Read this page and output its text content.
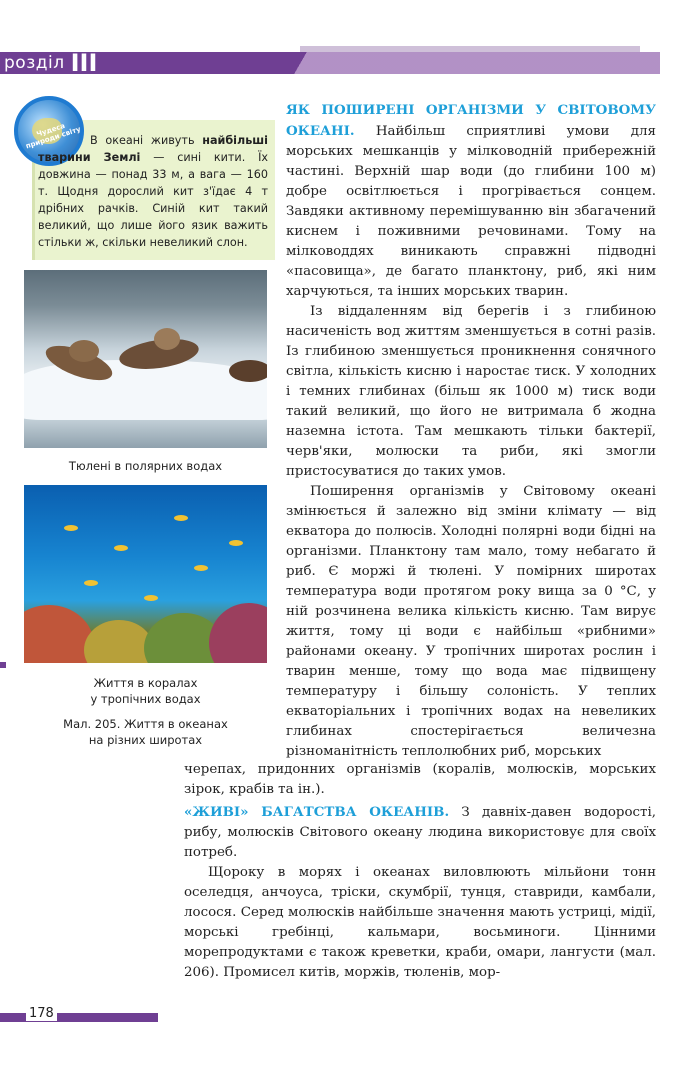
розділ III
Чудеса природи світу В океані живуть найбільші тварини Землі — сині кити. Їх довжина — понад 33 м, а вага — 160 т. Щодня дорослий кит з'їдає 4 т дрібних рачків. Синій кит такий великий, що лише його язик важить стільки ж, скільки невеликий слон.
Тюлені в полярних водах
Життя в коралах
у тропічних водах
Мал. 205. Життя в океанах
на різних широтах

ЯК ПОШИРЕНІ ОРГАНІЗМИ У СВІТОВОМУ ОКЕАНІ. Найбільш сприятливі умови для морських мешканців у мілководній прибережній частині. Верхній шар води (до глибини 100 м) добре освітлюється і прогрівається сонцем. Завдяки активному перемішуванню він збагачений киснем і поживними речовинами. Тому на мілководдях виникають справжні підводні «пасовища», де багато планктону, риб, які ним харчуються, та інших морських тварин.

Із віддаленням від берегів і з глибиною насиченість вод життям зменшується в сотні разів. Із глибиною зменшується проникнення сонячного світла, кількість кисню і наростає тиск. У холодних і темних глибинах (більш як 1000 м) тиск води такий великий, що його не витримала б жодна наземна істота. Там мешкають тільки бактерії, черв'яки, молюски та риби, які змогли пристосуватися до таких умов.

Поширення організмів у Світовому океані змінюється й залежно від зміни клімату — від екватора до полюсів. Холодні полярні води бідні на організми. Планктону там мало, тому небагато й риб. Є моржі й тюлені. У помірних широтах температура води протягом року вища за 0 °С, у ній розчинена велика кількість кисню. Там вирує життя, тому ці води є найбільш «рибними» районами океану. У тропічних широтах рослин і тварин менше, тому що вода має підвищену температуру і більшу солоність. У теплих екваторіальних і тропічних водах на невеликих глибинах спостерігається величезна різноманітність теплолюбних риб, морських

черепах, придонних організмів (коралів, молюсків, морських зірок, крабів та ін.).

«ЖИВІ» БАГАТСТВА ОКЕАНІВ. З давніх-давен водорості, рибу, молюсків Світового океану людина використовує для своїх потреб.

Щороку в морях і океанах виловлюють мільйони тонн оселедця, анчоуса, тріски, скумбрії, тунця, ставриди, камбали, лосося. Серед молюсків найбільше значення мають устриці, мідії, морські гребінці, кальмари, восьминоги. Цінними морепродуктами є також креветки, краби, омари, лангусти (мал. 206). Промисел китів, моржів, тюленів, мор-

178
